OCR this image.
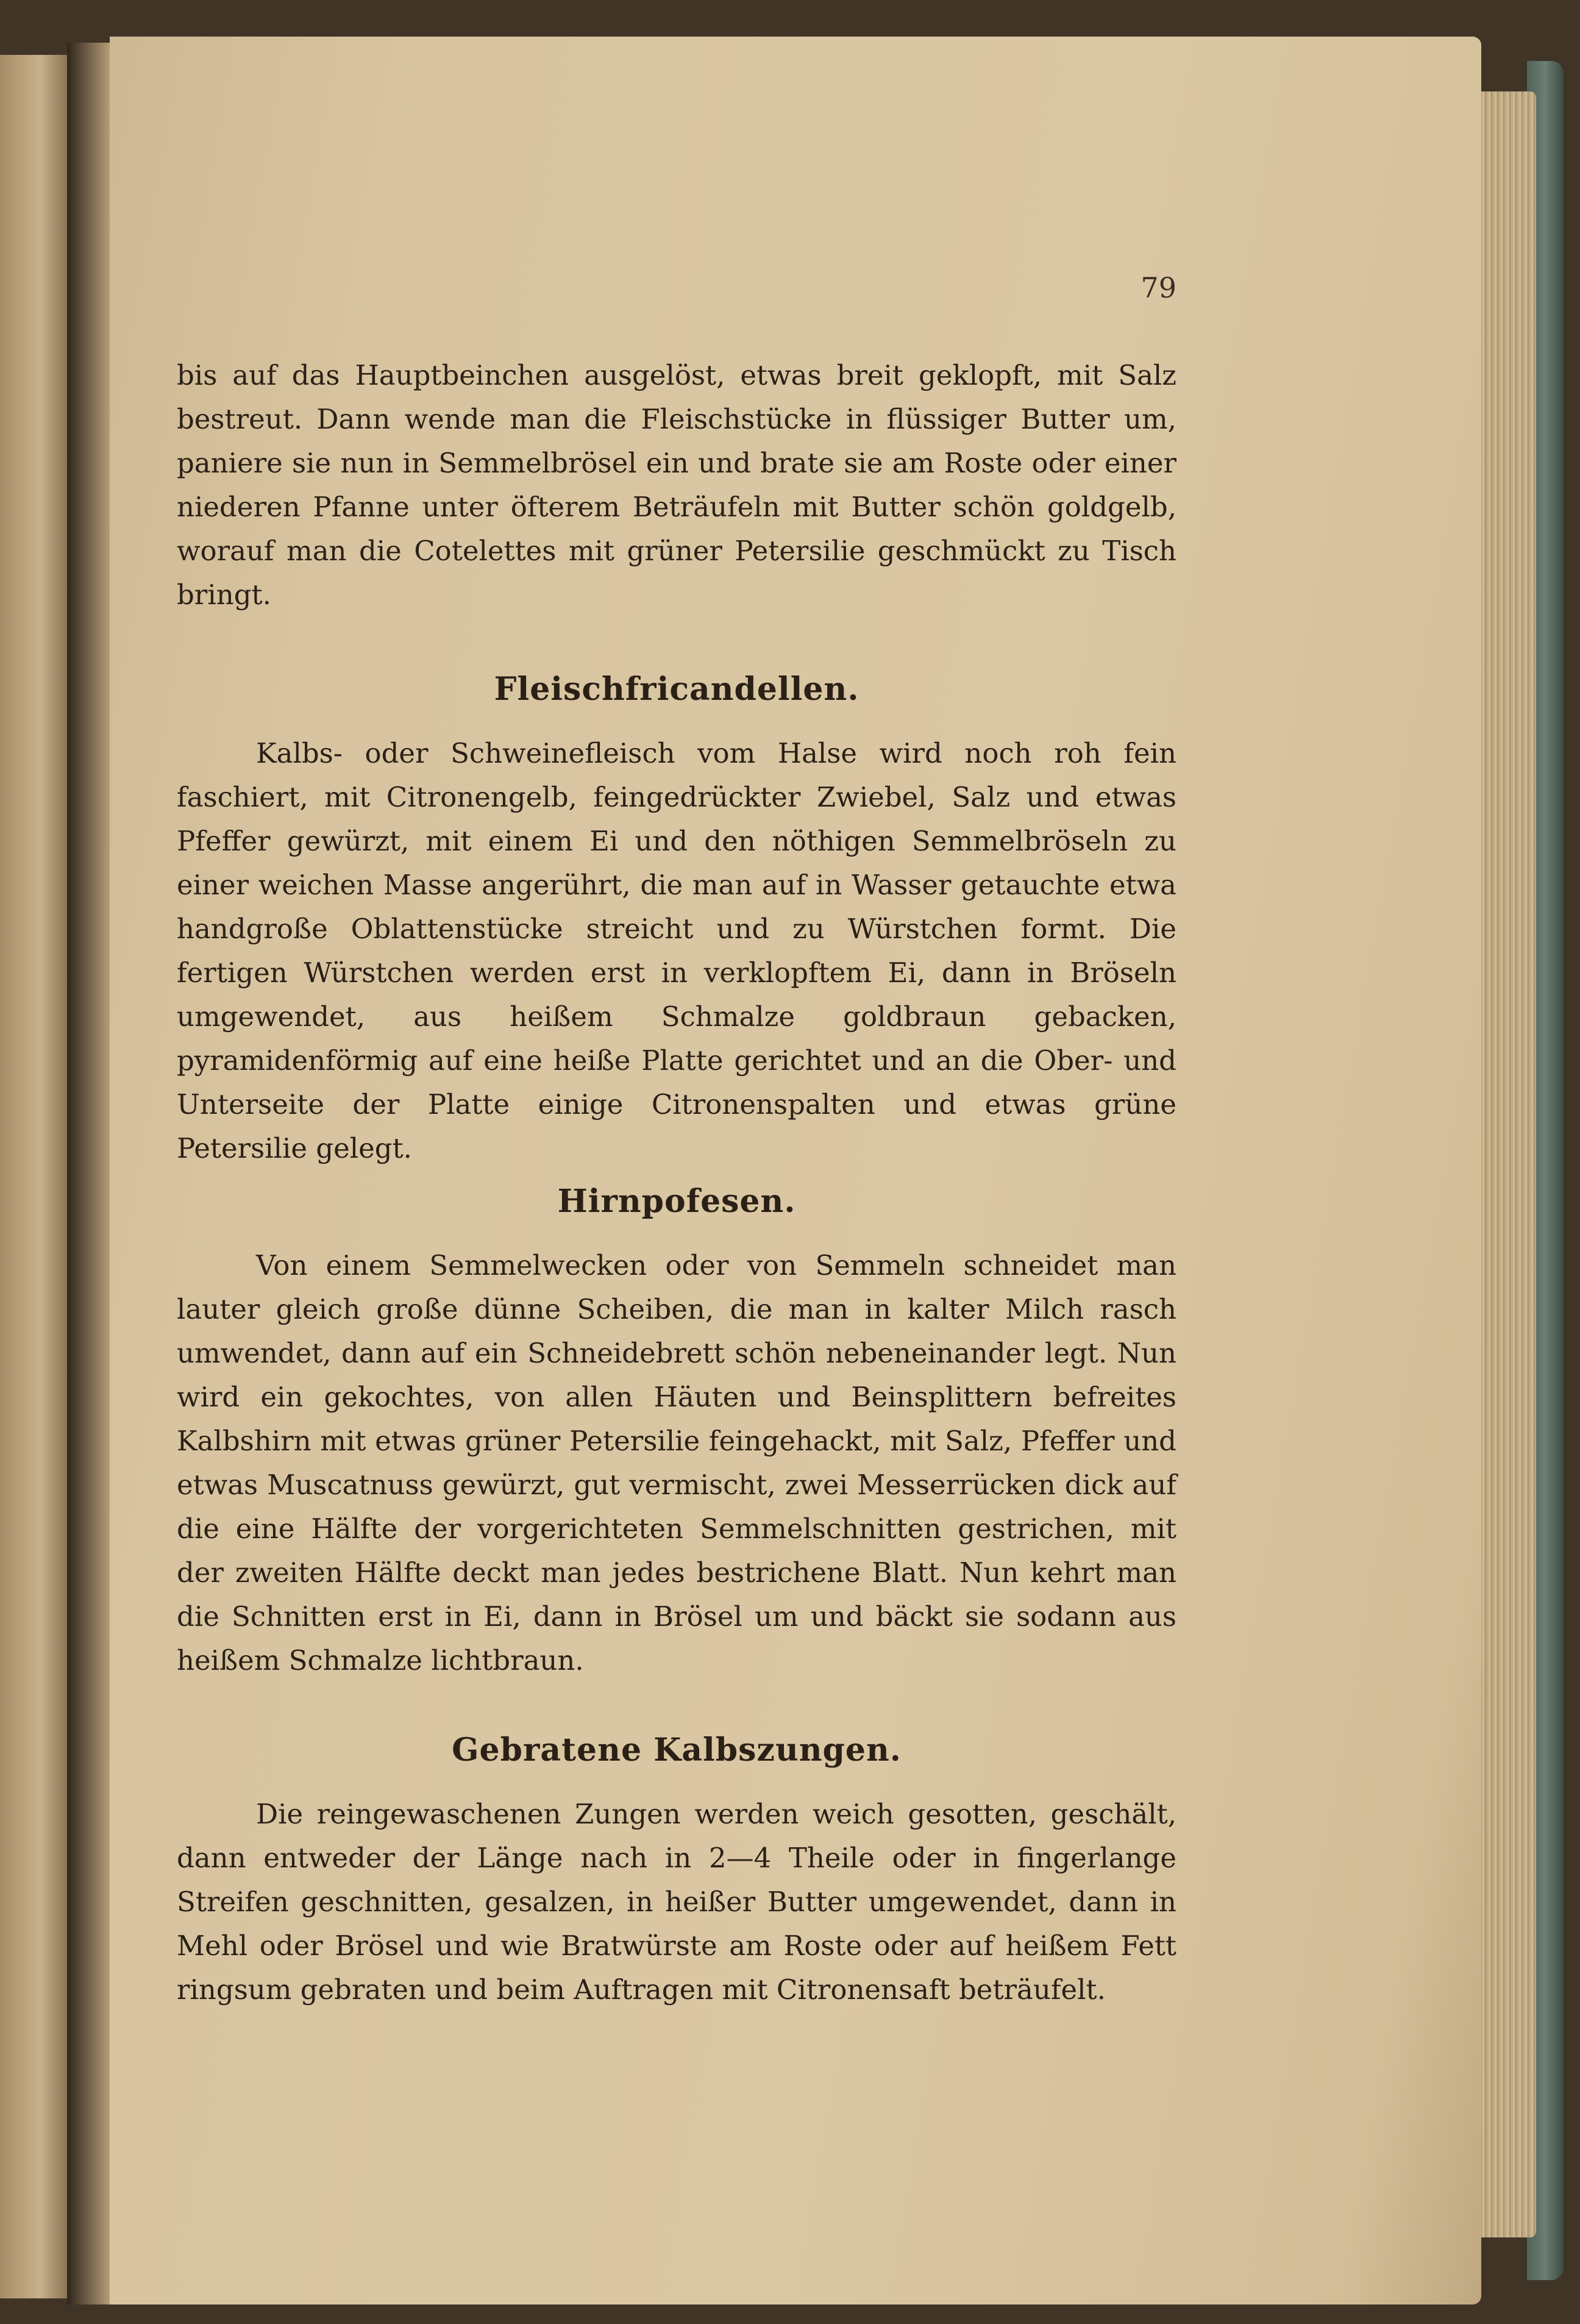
79

bis auf das Hauptbeinchen ausgelöst, etwas breit geklopft, mit Salz bestreut. Dann wende man die Fleischstücke in flüssiger Butter um, paniere sie nun in Semmelbrösel ein und brate sie am Roste oder einer niederen Pfanne unter öfterem Beträufeln mit Butter schön goldgelb, worauf man die Cotelettes mit grüner Petersilie geschmückt zu Tisch bringt.

Fleischfricandellen.

Kalbs- oder Schweinefleisch vom Halse wird noch roh fein faschiert, mit Citronengelb, feingedrückter Zwiebel, Salz und etwas Pfeffer gewürzt, mit einem Ei und den nöthigen Semmelbröseln zu einer weichen Masse angerührt, die man auf in Wasser getauchte etwa handgroße Oblattenstücke streicht und zu Würstchen formt. Die fertigen Würstchen werden erst in verklopftem Ei, dann in Bröseln umgewendet, aus heißem Schmalze goldbraun gebacken, pyramidenförmig auf eine heiße Platte gerichtet und an die Ober- und Unterseite der Platte einige Citronenspalten und etwas grüne Petersilie gelegt.

Hirnpofesen.

Von einem Semmelwecken oder von Semmeln schneidet man lauter gleich große dünne Scheiben, die man in kalter Milch rasch umwendet, dann auf ein Schneidebrett schön nebeneinander legt. Nun wird ein gekochtes, von allen Häuten und Beinsplittern befreites Kalbshirn mit etwas grüner Petersilie feingehackt, mit Salz, Pfeffer und etwas Muscatnuss gewürzt, gut vermischt, zwei Messerrücken dick auf die eine Hälfte der vorgerichteten Semmelschnitten gestrichen, mit der zweiten Hälfte deckt man jedes bestrichene Blatt. Nun kehrt man die Schnitten erst in Ei, dann in Brösel um und bäckt sie sodann aus heißem Schmalze lichtbraun.

Gebratene Kalbszungen.

Die reingewaschenen Zungen werden weich gesotten, geschält, dann entweder der Länge nach in 2—4 Theile oder in fingerlange Streifen geschnitten, gesalzen, in heißer Butter umgewendet, dann in Mehl oder Brösel und wie Bratwürste am Roste oder auf heißem Fett ringsum gebraten und beim Auftragen mit Citronensaft beträufelt.
